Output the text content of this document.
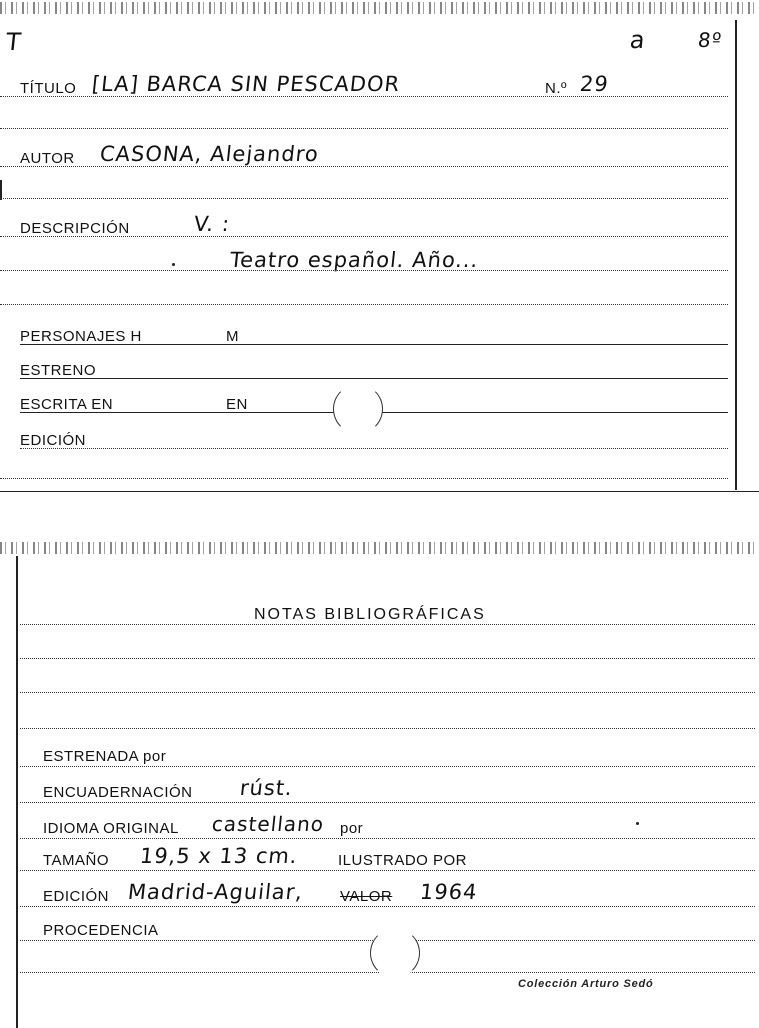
T	a 8º
TÍTULO [LA] BARCA SIN PESCADOR	N.º 29
AUTOR CASONA, Alejandro
DESCRIPCIÓN	V. :
Teatro español. Año...
PERSONAJES H	M
ESTRENO
ESCRITA EN	EN
EDICIÓN
NOTAS BIBLIOGRÁFICAS
ESTRENADA por
ENCUADERNACIÓN rúst.
IDIOMA ORIGINAL castellano por
TAMAÑO 19,5 x 13 cm.	ILUSTRADO POR
EDICIÓN Madrid-Aguilar, VALOR 1964
PROCEDENCIA
Colección Arturo Sedó
